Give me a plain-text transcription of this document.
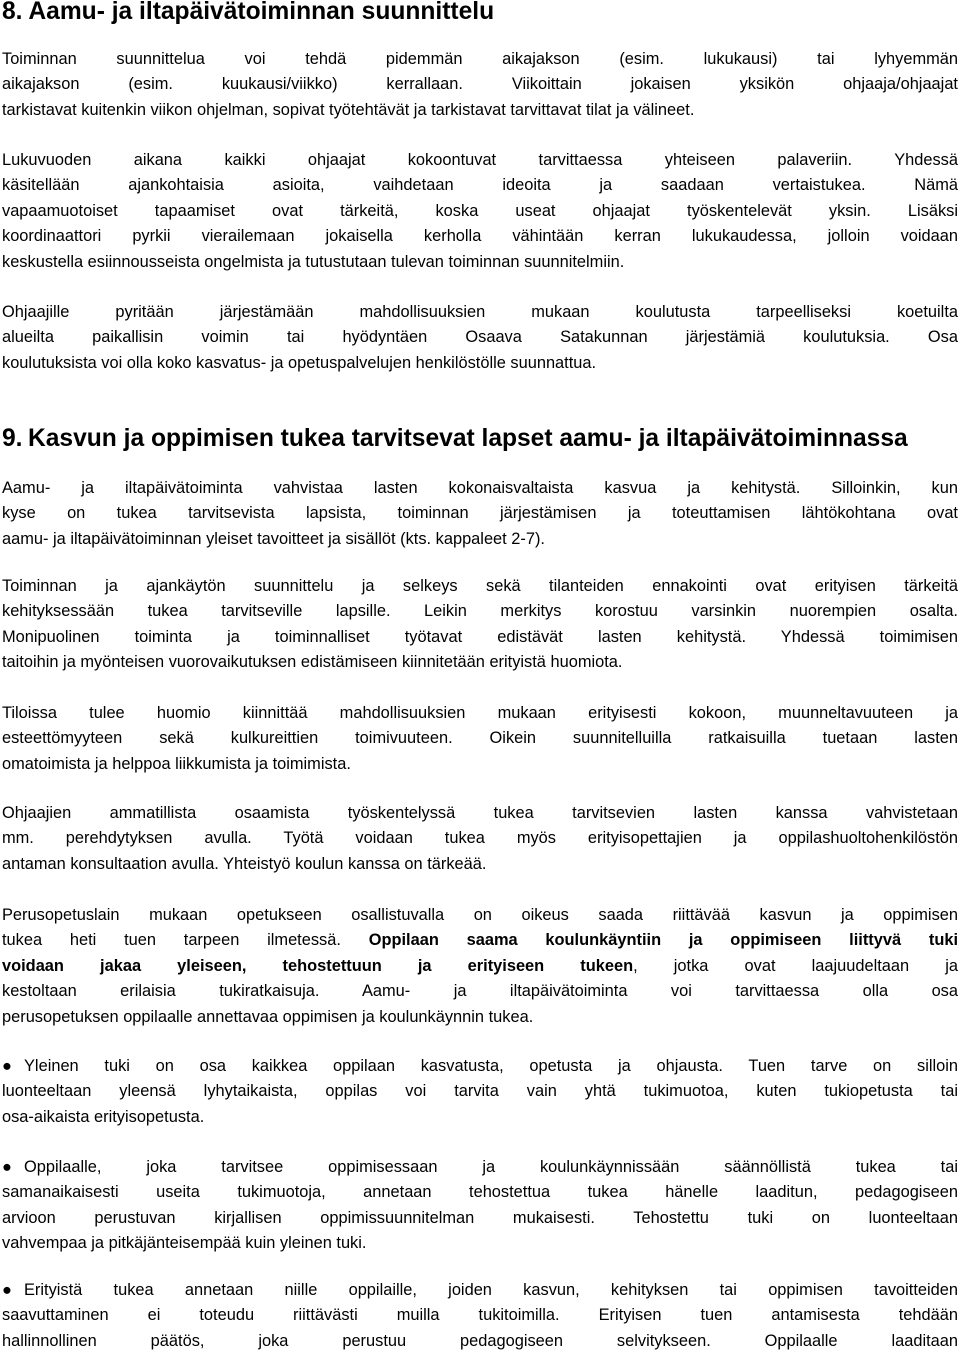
8. Aamu- ja iltapäivätoiminnan suunnittelu

Toiminnan suunnittelua voi tehdä pidemmän aikajakson (esim. lukukausi) tai lyhyemmän
aikajakson (esim. kuukausi/viikko) kerrallaan. Viikoittain jokaisen yksikön ohjaaja/ohjaajat
tarkistavat kuitenkin viikon ohjelman, sopivat työtehtävät ja tarkistavat tarvittavat tilat ja välineet.

Lukuvuoden aikana kaikki ohjaajat kokoontuvat tarvittaessa yhteiseen palaveriin. Yhdessä
käsitellään ajankohtaisia asioita, vaihdetaan ideoita ja saadaan vertaistukea. Nämä
vapaamuotoiset tapaamiset ovat tärkeitä, koska useat ohjaajat työskentelevät yksin. Lisäksi
koordinaattori pyrkii vierailemaan jokaisella kerholla vähintään kerran lukukaudessa, jolloin voidaan
keskustella esiinnousseista ongelmista ja tutustutaan tulevan toiminnan suunnitelmiin.

Ohjaajille pyritään järjestämään mahdollisuuksien mukaan koulutusta tarpeelliseksi koetuilta
alueilta paikallisin voimin tai hyödyntäen Osaava Satakunnan järjestämiä koulutuksia. Osa
koulutuksista voi olla koko kasvatus- ja opetuspalvelujen henkilöstölle suunnattua.

9. Kasvun ja oppimisen tukea tarvitsevat lapset aamu- ja iltapäivätoiminnassa

Aamu- ja iltapäivätoiminta vahvistaa lasten kokonaisvaltaista kasvua ja kehitystä. Silloinkin, kun
kyse on tukea tarvitsevista lapsista, toiminnan järjestämisen ja toteuttamisen lähtökohtana ovat
aamu- ja iltapäivätoiminnan yleiset tavoitteet ja sisällöt (kts. kappaleet 2-7).

Toiminnan ja ajankäytön suunnittelu ja selkeys sekä tilanteiden ennakointi ovat erityisen tärkeitä
kehityksessään tukea tarvitseville lapsille. Leikin merkitys korostuu varsinkin nuorempien osalta.
Monipuolinen toiminta ja toiminnalliset työtavat edistävät lasten kehitystä. Yhdessä toimimisen
taitoihin ja myönteisen vuorovaikutuksen edistämiseen kiinnitetään erityistä huomiota.

Tiloissa tulee huomio kiinnittää mahdollisuuksien mukaan erityisesti kokoon, muunneltavuuteen ja
esteettömyyteen sekä kulkureittien toimivuuteen. Oikein suunnitelluilla ratkaisuilla tuetaan lasten
omatoimista ja helppoa liikkumista ja toimimista.

Ohjaajien ammatillista osaamista työskentelyssä tukea tarvitsevien lasten kanssa vahvistetaan
mm. perehdytyksen avulla. Työtä voidaan tukea myös erityisopettajien ja oppilashuoltohenkilöstön
antaman konsultaation avulla. Yhteistyö koulun kanssa on tärkeää.

Perusopetuslain mukaan opetukseen osallistuvalla on oikeus saada riittävää kasvun ja oppimisen
tukea heti tuen tarpeen ilmetessä. Oppilaan saama koulunkäyntiin ja oppimiseen liittyvä tuki
voidaan jakaa yleiseen, tehostettuun ja erityiseen tukeen, jotka ovat laajuudeltaan ja
kestoltaan erilaisia tukiratkaisuja. Aamu- ja iltapäivätoiminta voi tarvittaessa olla osa
perusopetuksen oppilaalle annettavaa oppimisen ja koulunkäynnin tukea.

● Yleinen tuki on osa kaikkea oppilaan kasvatusta, opetusta ja ohjausta. Tuen tarve on silloin
luonteeltaan yleensä lyhytaikaista, oppilas voi tarvita vain yhtä tukimuotoa, kuten tukiopetusta tai
osa-aikaista erityisopetusta.

● Oppilaalle, joka tarvitsee oppimisessaan ja koulunkäynnissään säännöllistä tukea tai
samanaikaisesti useita tukimuotoja, annetaan tehostettua tukea hänelle laaditun, pedagogiseen
arvioon perustuvan kirjallisen oppimissuunnitelman mukaisesti. Tehostettu tuki on luonteeltaan
vahvempaa ja pitkäjänteisempää kuin yleinen tuki.

● Erityistä tukea annetaan niille oppilaille, joiden kasvun, kehityksen tai oppimisen tavoitteiden
saavuttaminen ei toteudu riittävästi muilla tukitoimilla. Erityisen tuen antamisesta tehdään
hallinnollinen päätös, joka perustuu pedagogiseen selvitykseen. Oppilaalle laaditaan
